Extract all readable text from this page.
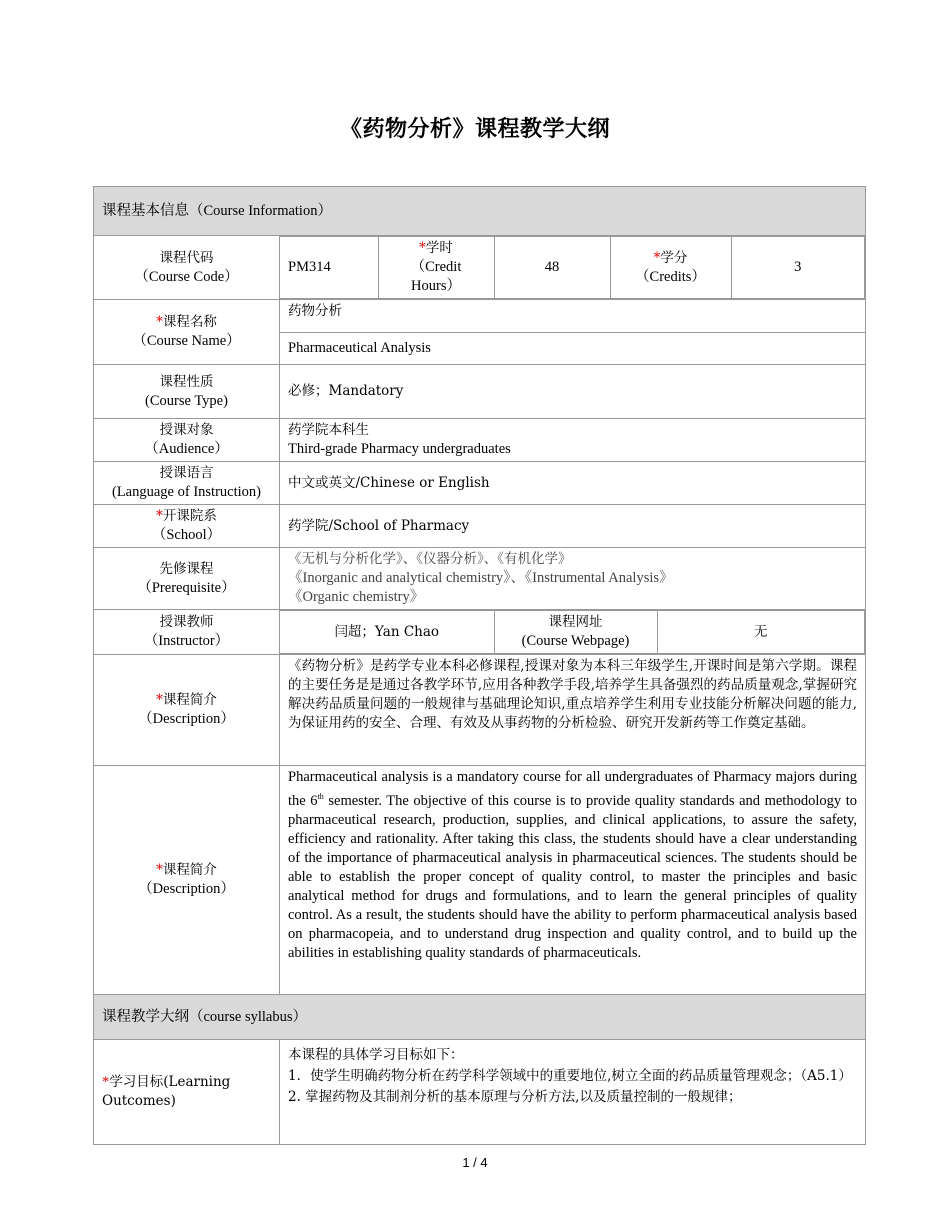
《药物分析》课程教学大纲
课程基本信息（Course Information）

课程代码
（Course Code）

PM314	
*学时
（Credit
Hours）
	48	
*学分
（Credits）
	3

*课程名称
（Course Name）
	药物分析
Pharmaceutical Analysis

课程性质
(Course Type)
	必修；Mandatory

授课对象
（Audience）

药学院本科生
Third-grade Pharmacy undergraduates

授课语言
(Language of Instruction)
	中文或英文/Chinese or English

*开课院系
（School）
	药学院/School of Pharmacy

先修课程
（Prerequisite）

《无机与分析化学》、《仪器分析》、《有机化学》
《Inorganic and analytical chemistry》、《Instrumental Analysis》
《Organic chemistry》

授课教师
（Instructor）

闫超；Yan Chao	
课程网址
(Course Webpage)
	无

*课程简介
（Description）
	《药物分析》是药学专业本科必修课程,授课对象为本科三年级学生,开课时间是第六学期。课程的主要任务是是通过各教学环节,应用各种教学手段,培养学生具备强烈的药品质量观念,掌握研究解决药品质量问题的一般规律与基础理论知识,重点培养学生利用专业技能分析解决问题的能力,为保证用药的安全、合理、有效及从事药物的分析检验、研究开发新药等工作奠定基础。

*课程简介
（Description）
	Pharmaceutical analysis is a mandatory course for all undergraduates of Pharmacy majors during the 6th semester. The objective of this course is to provide quality standards and methodology to pharmaceutical research, production, supplies, and clinical applications, to assure the safety, efficiency and rationality. After taking this class, the students should have a clear understanding of the importance of pharmaceutical analysis in pharmaceutical sciences. The students should be able to establish the proper concept of quality control, to master the principles and basic analytical method for drugs and formulations, and to learn the general principles of quality control. As a result, the students should have the ability to perform pharmaceutical analysis based on pharmacopeia, and to understand drug inspection and quality control, and to build up the abilities in establishing quality standards of pharmaceuticals.
课程教学大纲（course syllabus）
*学习目标(Learning Outcomes)	
本课程的具体学习目标如下：
1．使学生明确药物分析在药学科学领域中的重要地位,树立全面的药品质量管理观念；（A5.1）
2. 掌握药物及其制剂分析的基本原理与分析方法,以及质量控制的一般规律；
1 / 4
